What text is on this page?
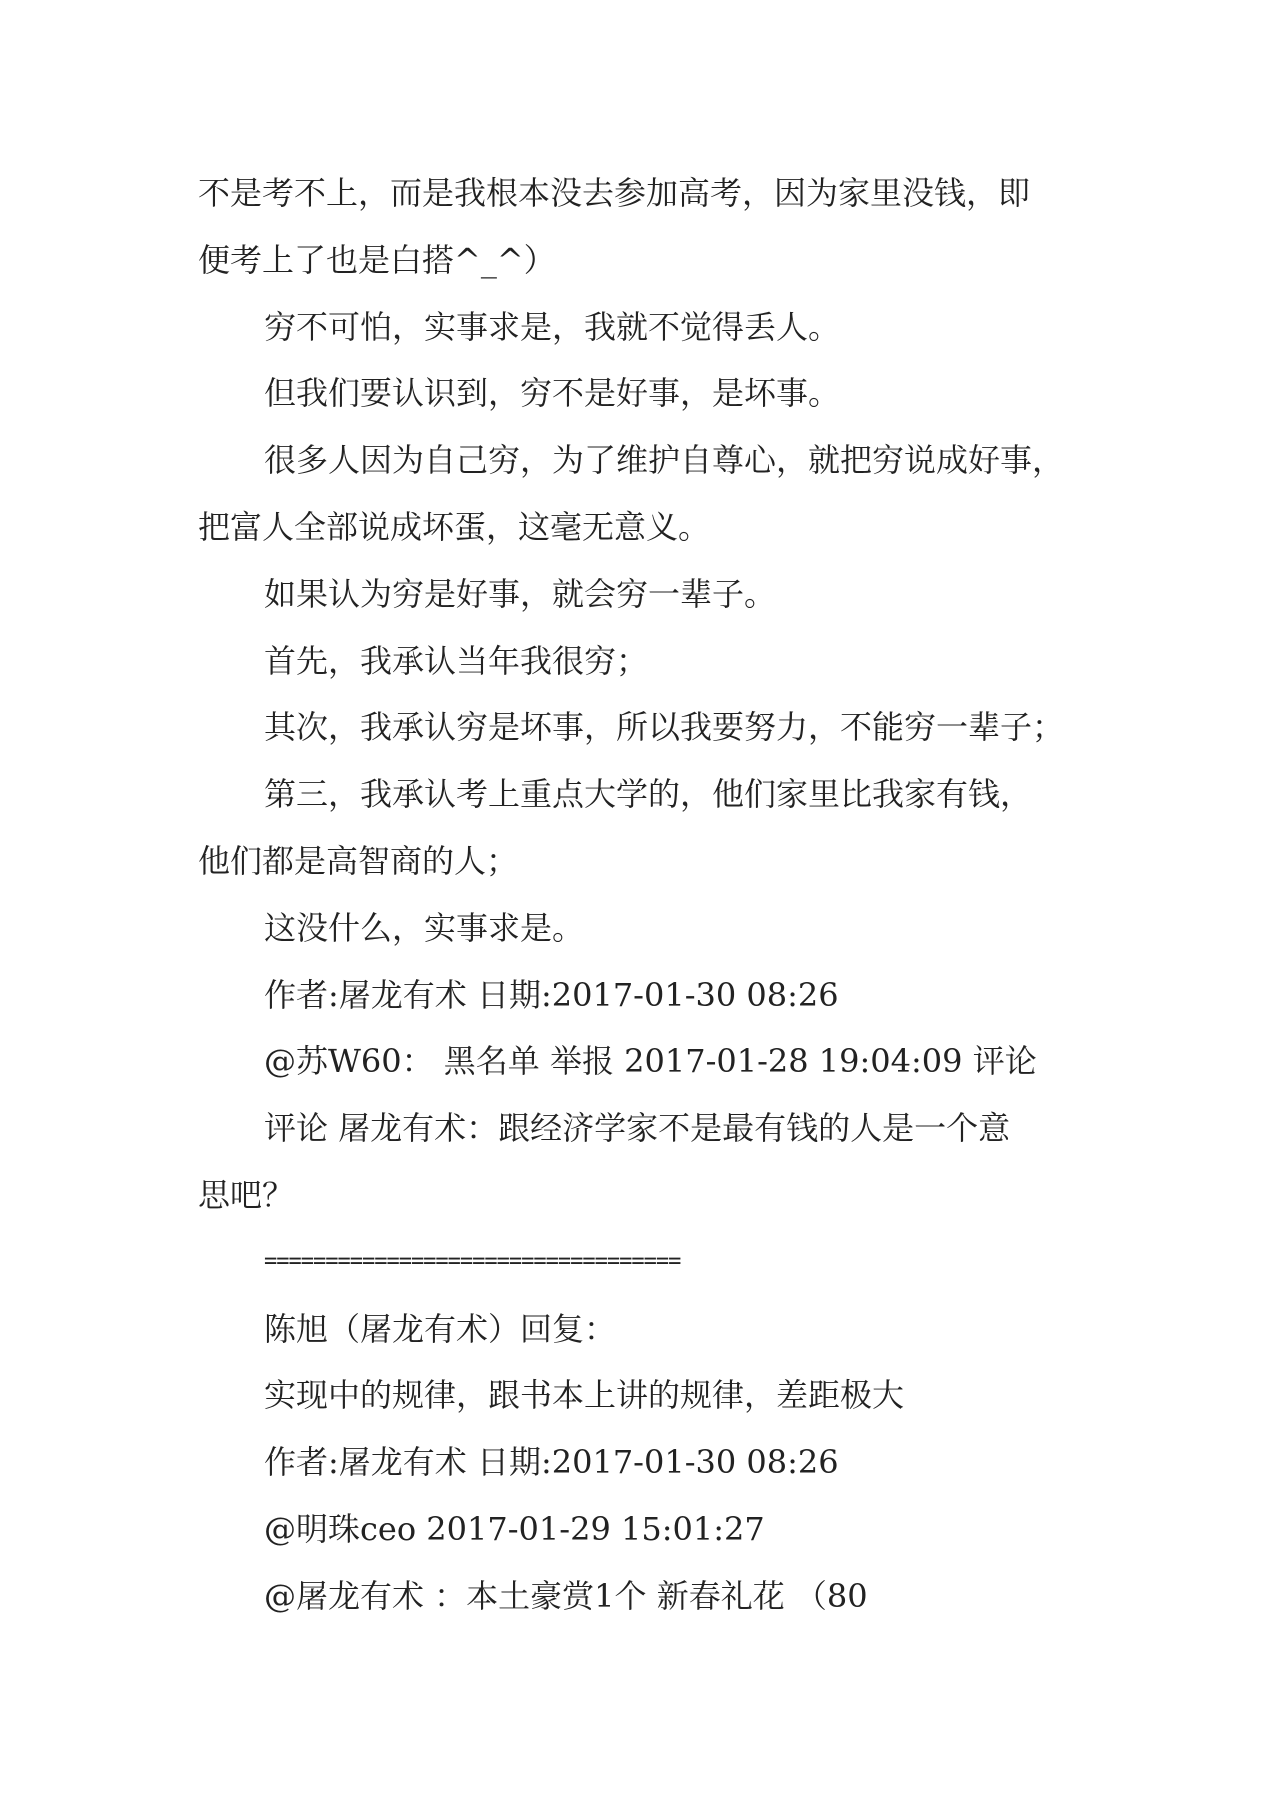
不是考不上，而是我根本没去参加高考，因为家里没钱，即
便考上了也是白搭^_^）
穷不可怕，实事求是，我就不觉得丢人。
但我们要认识到，穷不是好事，是坏事。
很多人因为自己穷，为了维护自尊心，就把穷说成好事，
把富人全部说成坏蛋，这毫无意义。
如果认为穷是好事，就会穷一辈子。
首先，我承认当年我很穷；
其次，我承认穷是坏事，所以我要努力，不能穷一辈子；
第三，我承认考上重点大学的，他们家里比我家有钱，
他们都是高智商的人；
这没什么，实事求是。
作者:屠龙有术 日期:2017-01-30 08:26
@苏W60： 黑名单 举报 2017-01-28 19:04:09 评论
评论 屠龙有术：跟经济学家不是最有钱的人是一个意
思吧？
==================================
陈旭（屠龙有术）回复：
实现中的规律，跟书本上讲的规律，差距极大
作者:屠龙有术 日期:2017-01-30 08:26
@明珠ceo 2017-01-29 15:01:27
@屠龙有术 ：本土豪赏1个 新春礼花 （80
